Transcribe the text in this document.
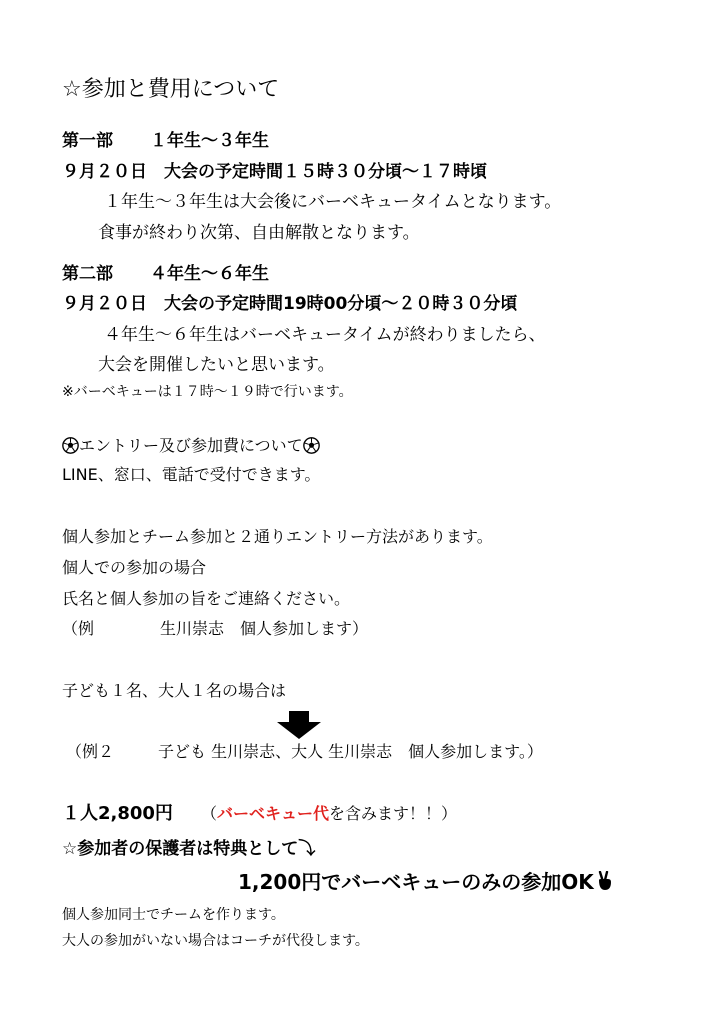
☆参加と費用について
第一部 １年生～３年生
９月２０日　大会の予定時間１５時３０分頃～１７時頃
１年生～３年生は大会後にバーベキュータイムとなります。
食事が終わり次第、自由解散となります。
第二部 ４年生～６年生
９月２０日　大会の予定時間19時00分頃～２０時３０分頃
４年生～６年生はバーベキュータイムが終わりましたら、
大会を開催したいと思います。
※バーベキューは１７時～１９時で行います。
エントリー及び参加費について
LINE、窓口、電話で受付できます。
個人参加とチーム参加と２通りエントリー方法があります。
個人での参加の場合
氏名と個人参加の旨をご連絡ください。
（例	生川崇志　個人参加します）
子ども１名、大人１名の場合は
（例２	子ども 生川崇志、大人 生川崇志　個人参加します。）
１人2,800円 （バーベキュー代を含みます！！）
☆参加者の保護者は特典として⤵
1,200円でバーベキューのみの参加OK
個人参加同士でチームを作ります。
大人の参加がいない場合はコーチが代役します。
